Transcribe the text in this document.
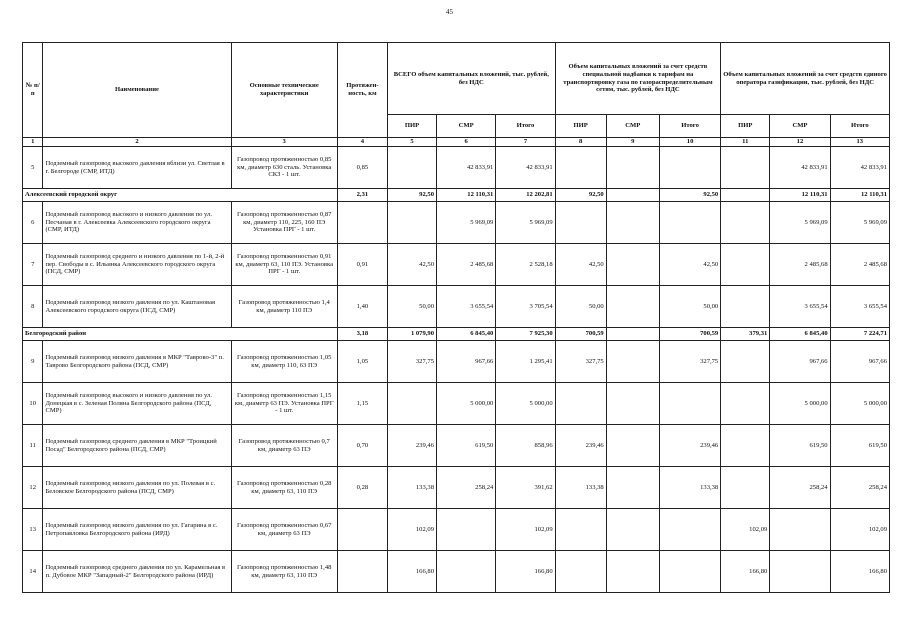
45
№ п/п	Наименование	Основные технические характеристики	Протяжен-ность, км	ВСЕГО объем капитальных вложений, тыс. рублей, без НДС			Объем капитальных вложений за счет средств специальной надбавки к тарифам на транспортировку газа по газораспределительным сетям, тыс. рублей, без НДС			Объем капитальных вложений за счет средств единого оператора газификации, тыс. рублей, без НДС		
				ПИР	СМР	Итого	ПИР	СМР	Итого	ПИР	СМР	Итого
1	2	3	4	5	6	7	8	9	10	11	12	13
5	Подземный газопровод высокого давления вблизи ул. Светлая в г. Белгороде (СМР, ИТД)	Газопровод протяженностью 0,85 км, диаметр 630 сталь. Установка СКЗ - 1 шт.	0,85		42 833,91	42 833,91					42 833,91	42 833,91
Алексеевский городской округ			2,31	92,50	12 110,31	12 202,81	92,50		92,50		12 110,31	12 110,31
6	Подземный газопровод высокого и низкого давления по ул. Песчаная в г. Алексеевка Алексеевского городского округа (СМР, ИТД)	Газопровод протяженностью 0,87 км, диаметр 110, 225, 160 ПЭ Установка ПРГ - 1 шт.			5 969,09	5 969,09					5 969,09	5 969,09
7	Подземный газопровод среднего и низкого давления по 1-й, 2-й пер. Свободы в с. Ильинка Алексеевского городского округа (ПСД, СМР)	Газопровод протяженностью 0,91 км, диаметр 63, 110 ПЭ. Установка ПРГ - 1 шт.	0,91	42,50	2 485,68	2 528,18	42,50		42,50		2 485,68	2 485,68
8	Подземный газопровод низкого давления по ул. Каштановая Алексеевского городского округа (ПСД, СМР)	Газопровод протяженностью 1,4 км, диаметр 110 ПЭ	1,40	50,00	3 655,54	3 705,54	50,00		50,00		3 655,54	3 655,54
Белгородский район			3,18	1 079,90	6 845,40	7 925,30	700,59		700,59	379,31	6 845,40	7 224,71
9	Подземный газопровод низкого давления в МКР "Таврово-3" п. Таврово Белгородского района (ПСД, СМР)	Газопровод протяженностью 1,05 км, диаметр 110, 63 ПЭ	1,05	327,75	967,66	1 295,41	327,75		327,75		967,66	967,66
10	Подземный газопровод высокого и низкого давления по ул. Донецкая в с. Зеленая Поляна Белгородского района (ПСД, СМР)	Газопровод протяженностью 1,15 км, диаметр 63 ПЭ. Установка ПРГ - 1 шт.	1,15		5 000,00	5 000,00					5 000,00	5 000,00
11	Подземный газопровод среднего давления в МКР "Троицкий Посад" Белгородского района (ПСД, СМР)	Газопровод протяженностью 0,7 км, диаметр 63 ПЭ	0,70	239,46	619,50	858,96	239,46		239,46		619,50	619,50
12	Подземный газопровод низкого давления по ул. Полевая в с. Беловское Белгородского района (ПСД, СМР)	Газопровод протяженностью 0,28 км, диаметр 63, 110 ПЭ	0,28	133,38	258,24	391,62	133,38		133,38		258,24	258,24
13	Подземный газопровод низкого давления по ул. Гагарина в с. Петропавловка Белгородского района (ИРД)	Газопровод протяженностью 0,67 км, диаметр 63 ПЭ		102,09		102,09				102,09		102,09
14	Подземный газопровод среднего давления по ул. Карамельная в п. Дубовое МКР "Западный-2" Белгородского района (ИРД)	Газопровод протяженностью 1,48 км, диаметр 63, 110 ПЭ		166,80		166,80				166,80		166,80
